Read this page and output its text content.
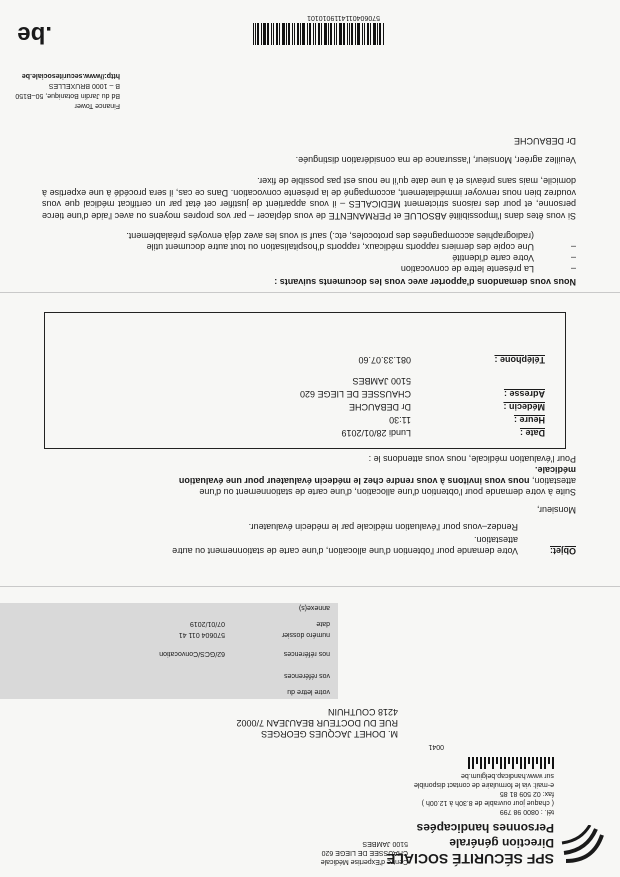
SPF SÉCURITÉ SOCIALE
Direction générale
Personnes handicapées
Centre d'Expertise Médicale
CHAUSSEE DE LIEGE 620
5100 JAMBES
tél. : 0800 98 799
( chaque jour ouvrable de 8.30h à 12.00h )
fax: 02 509 81 85
e-mail: via le formulaire de contact disponible
sur www.handicap.belgium.be
0041
M. DOHET JACQUES GEORGES
RUE DU DOCTEUR BEAUJEAN 7/0002
4218 COUTHUIN
votre lettre du
vos références
nos références
62/GCS/Convocation
numéro dossier
570604 011 41
date
07/01/2019
annexe(s)
Objet:
Votre demande pour l'obtention d'une allocation, d'une carte de stationnement ou autre
attestation.
Rendez–vous pour l'évaluation médicale par le médecin évaluateur.
Monsieur,
Suite à votre demande pour l'obtention d'une allocation, d'une carte de stationnement ou d'une
attestation, nous vous invitons à vous rendre chez le médecin évaluateur pour une évaluation
médicale.
Pour l'évaluation médicale, nous vous attendons le :
Date :
Lundi 28/01/2019
Heure :
11:30
Médecin :
Dr DEBAUCHE
Adresse :
CHAUSSEE DE LIEGE 620
5100 JAMBES
Téléphone :
081.33.07.60
Nous vous demandons d'apporter avec vous les documents suivants :
–
La présente lettre de convocation
–
Votre carte d'identité
–
Une copie des derniers rapports médicaux, rapports d'hospitalisation ou tout autre document utile
(radiographies accompagnées des protocoles, etc.) sauf si vous les avez déjà envoyés préalablement.
Si vous êtes dans l'impossibilité ABSOLUE et PERMANENTE de vous déplacer – par vos propres moyens ou avec l'aide d'une tierce personne, et pour des raisons strictement MEDICALES – il vous appartient de justifier cet état par un certificat médical que vous voudrez bien nous renvoyer immédiatement, accompagné de la présente convocation. Dans ce cas, il sera procédé à une expertise à domicile, mais sans préavis et à une date qu'il ne nous est pas possible de fixer.
Veuillez agréer, Monsieur, l'assurance de ma considération distinguée.
Dr DEBAUCHE
Finance Tower
Bd du Jardin Botanique, 50–B150
B – 1000 BRUXELLES
http://www.securitesociale.be
5706040114119010101
.be
